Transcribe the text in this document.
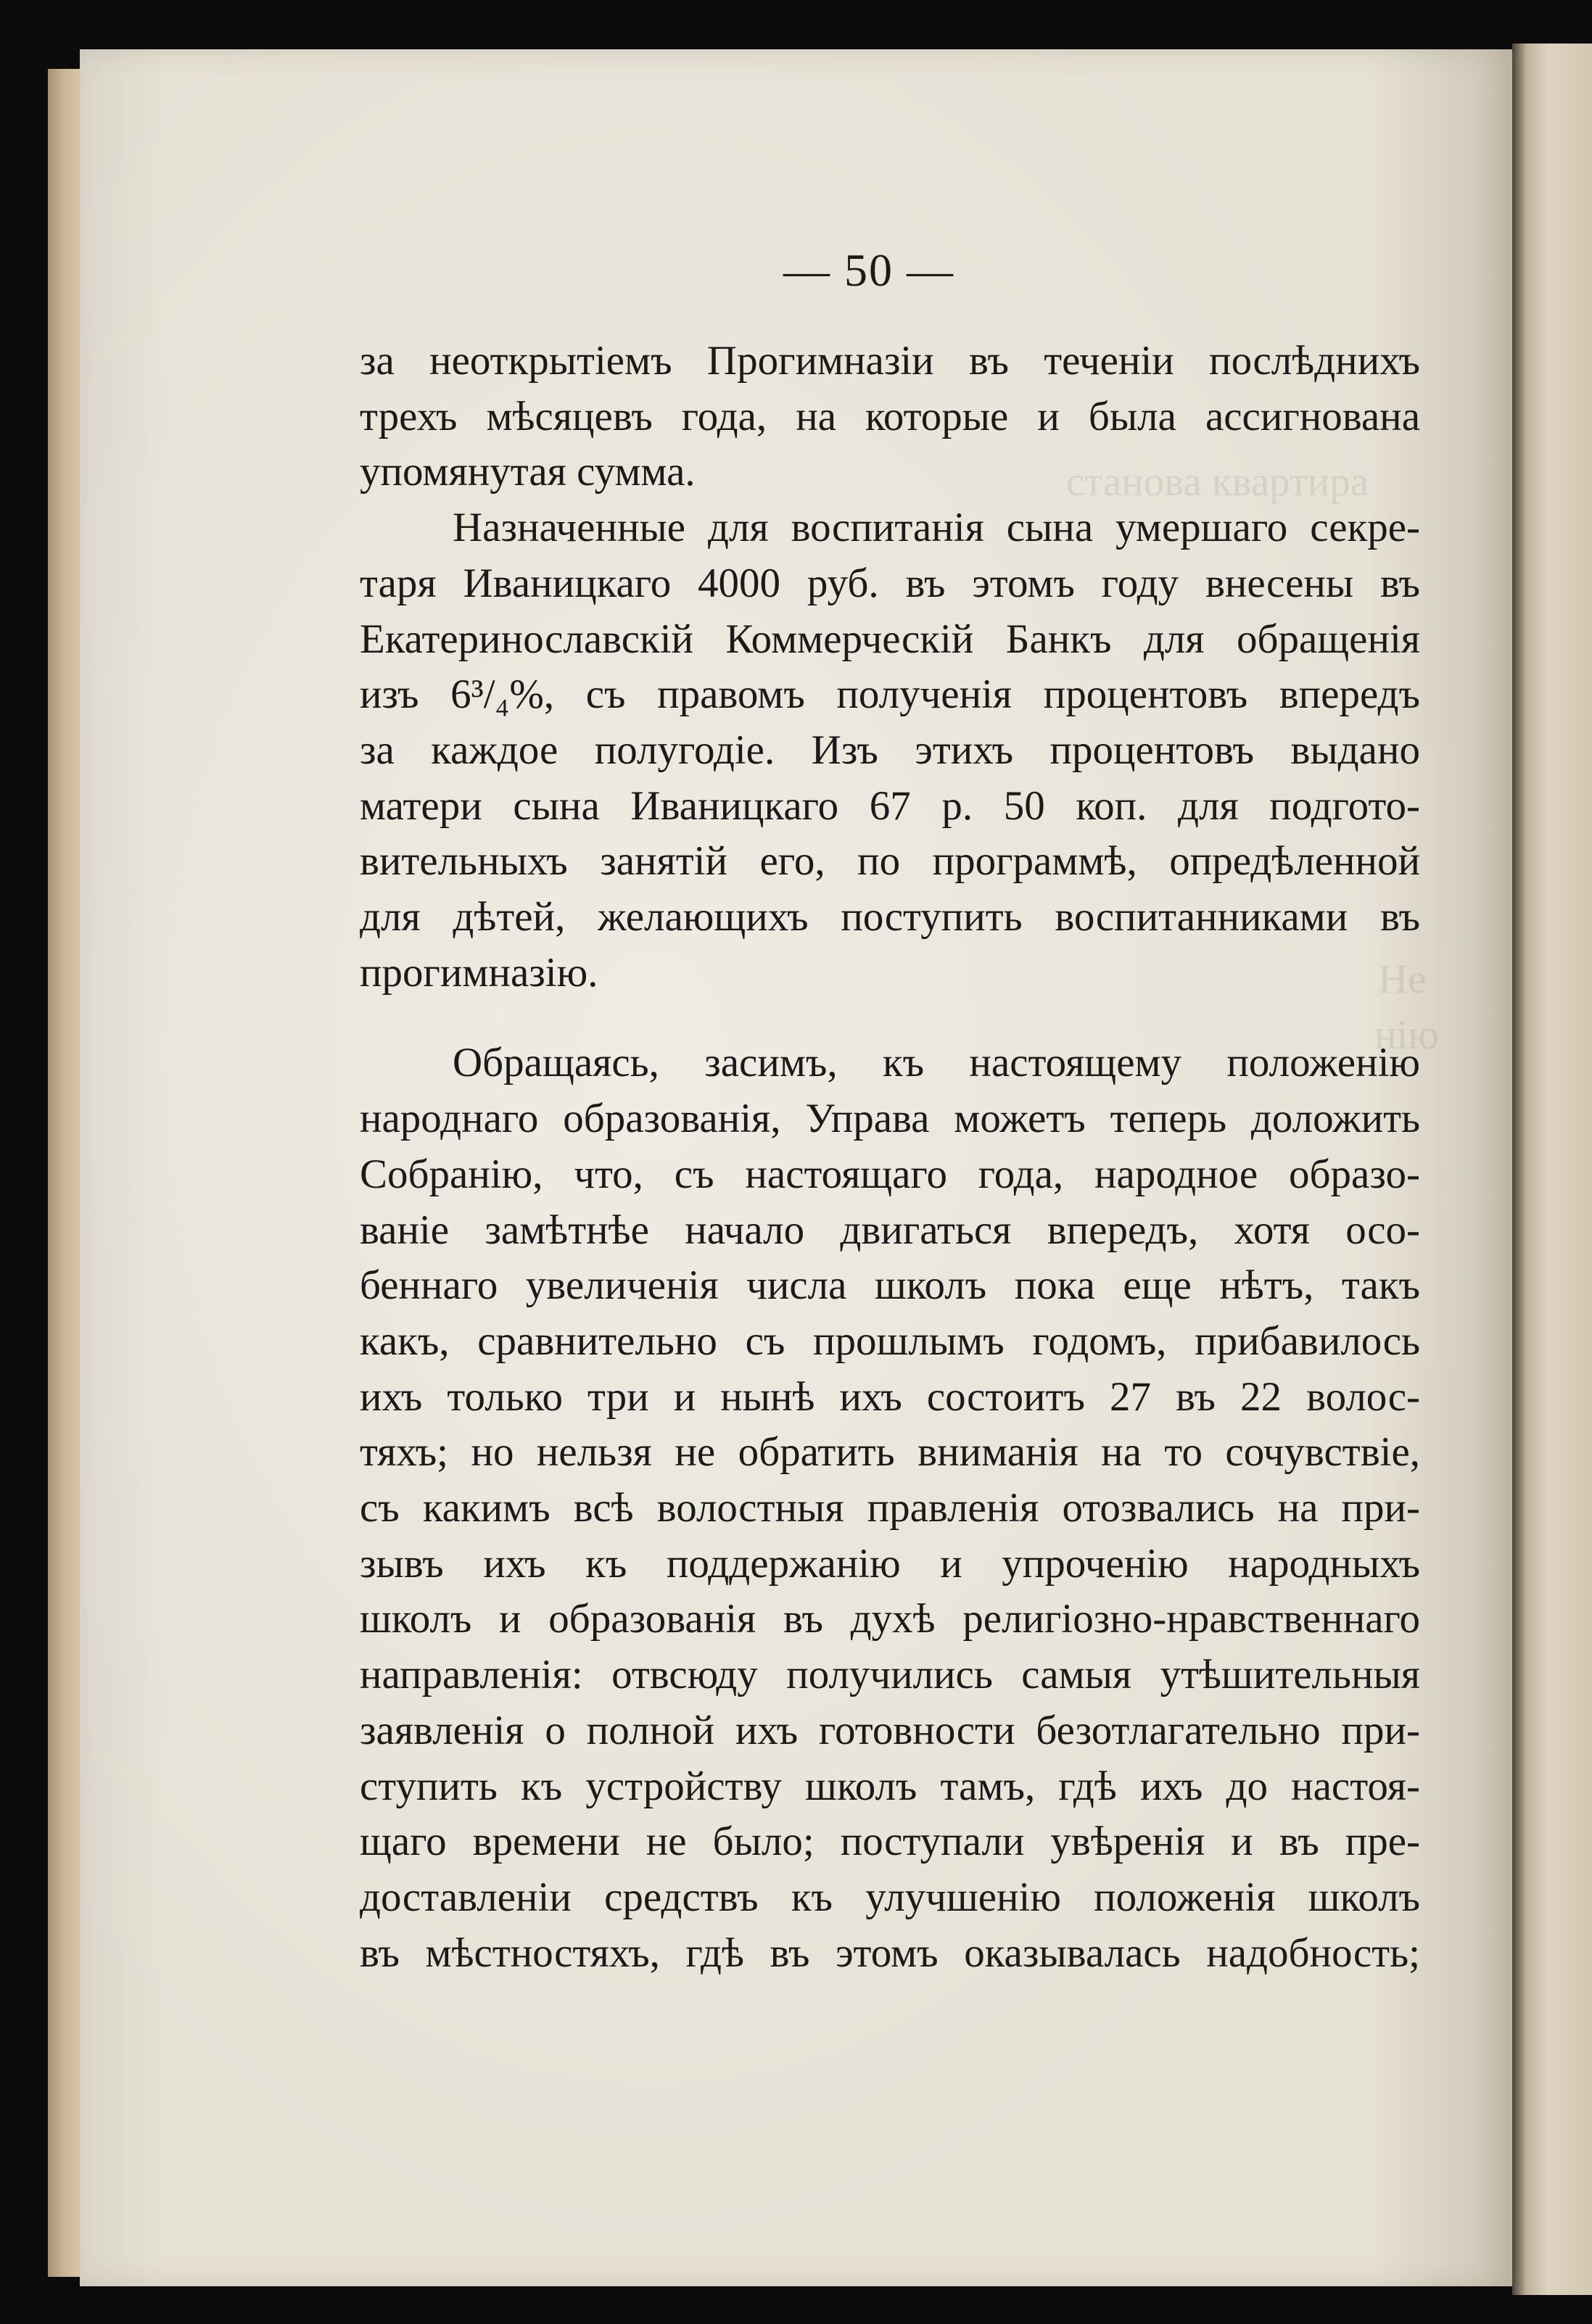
станова квартира
Не
нію
— 50 —

за неоткрытіемъ Прогимназіи въ теченіи послѣднихъ
трехъ мѣсяцевъ года, на которые и была ассигнована
упомянутая сумма.

Назначенные для воспитанія сына умершаго секре-
таря Иваницкаго 4000 руб. въ этомъ году внесены въ
Екатеринославскій Коммерческій Банкъ для обращенія
изъ 6³/₄%, съ правомъ полученія процентовъ впередъ
за каждое полугодіе. Изъ этихъ процентовъ выдано
матери сына Иваницкаго 67 р. 50 коп. для подгото-
вительныхъ занятій его, по программѣ, опредѣленной
для дѣтей, желающихъ поступить воспитанниками въ
прогимназію.

Обращаясь, засимъ, къ настоящему положенію
народнаго образованія, Управа можетъ теперь доложить
Собранію, что, съ настоящаго года, народное образо-
ваніе замѣтнѣе начало двигаться впередъ, хотя осо-
беннаго увеличенія числа школъ пока еще нѣтъ, такъ
какъ, сравнительно съ прошлымъ годомъ, прибавилось
ихъ только три и нынѣ ихъ состоитъ 27 въ 22 волос-
тяхъ; но нельзя не обратить вниманія на то сочувствіе,
съ какимъ всѣ волостныя правленія отозвались на при-
зывъ ихъ къ поддержанію и упроченію народныхъ
школъ и образованія въ духѣ религіозно-нравственнаго
направленія: отвсюду получились самыя утѣшительныя
заявленія о полной ихъ готовности безотлагательно при-
ступить къ устройству школъ тамъ, гдѣ ихъ до настоя-
щаго времени не было; поступали увѣренія и въ пре-
доставленіи средствъ къ улучшенію положенія школъ
въ мѣстностяхъ, гдѣ въ этомъ оказывалась надобность;
